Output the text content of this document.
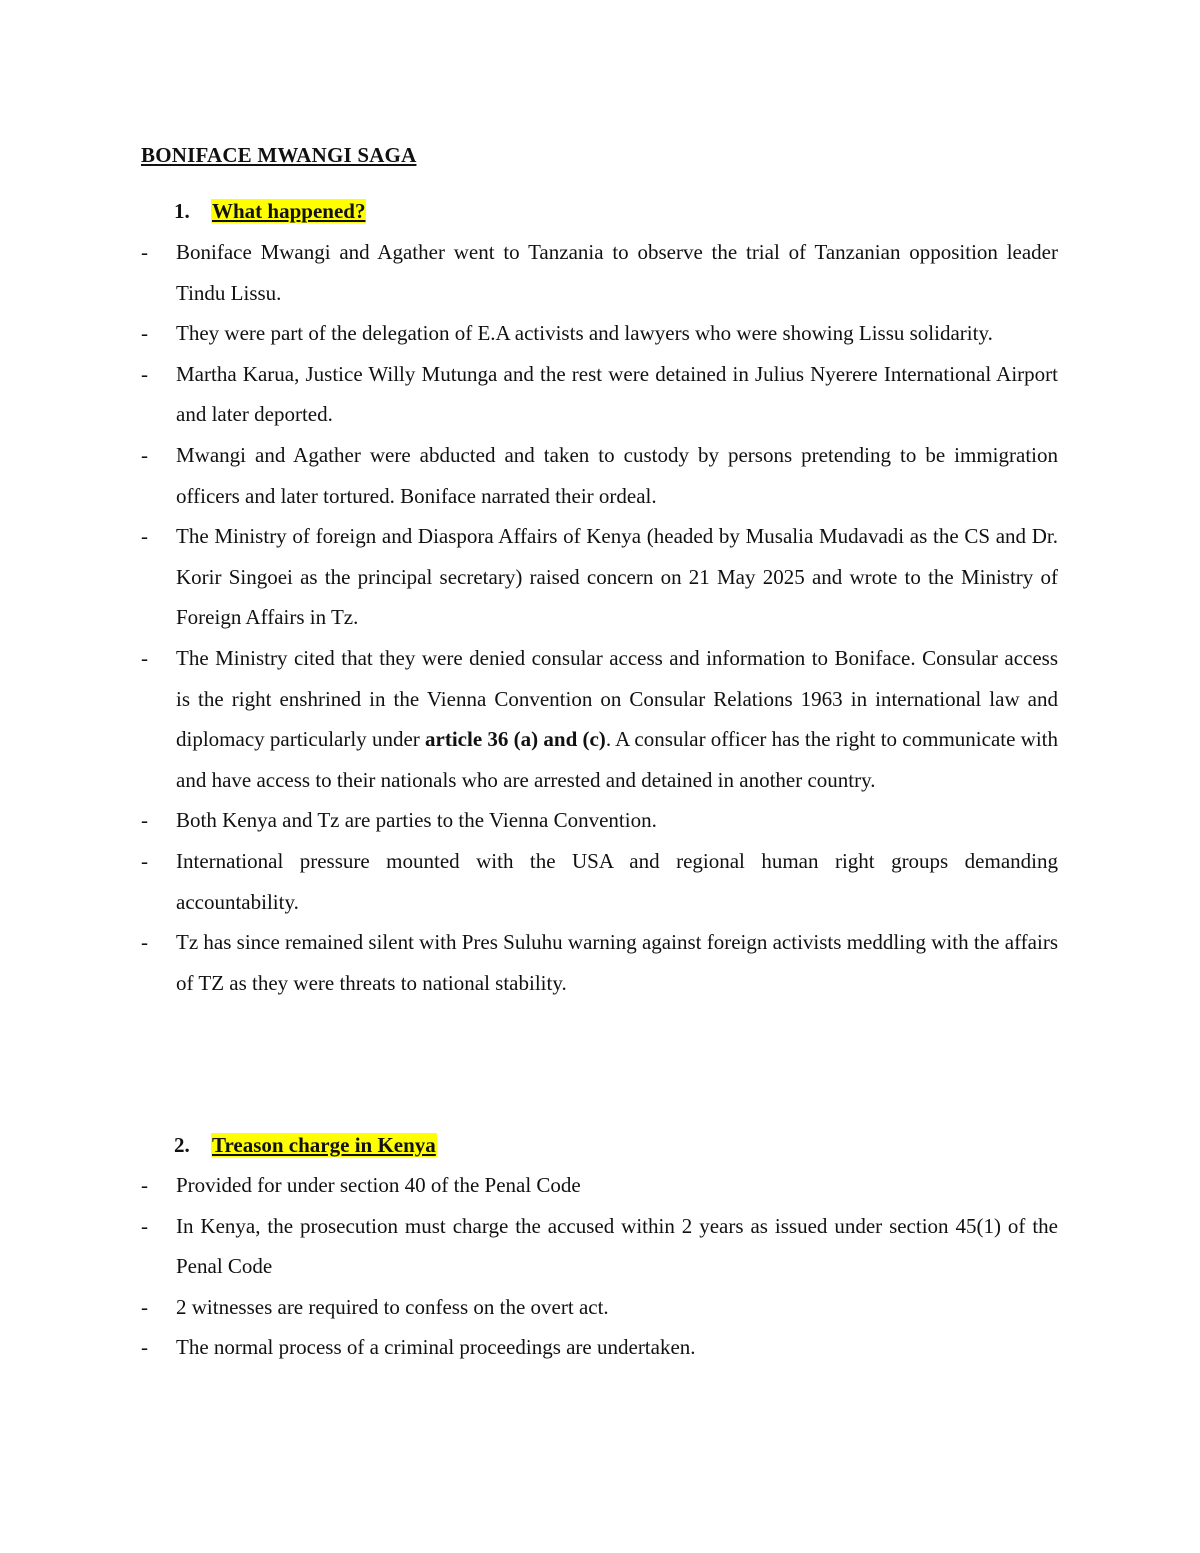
BONIFACE MWANGI SAGA
1. What happened?
- Boniface Mwangi and Agather went to Tanzania to observe the trial of Tanzanian opposition leader Tindu Lissu.
- They were part of the delegation of E.A activists and lawyers who were showing Lissu solidarity.
- Martha Karua, Justice Willy Mutunga and the rest were detained in Julius Nyerere International Airport and later deported.
- Mwangi and Agather were abducted and taken to custody by persons pretending to be immigration officers and later tortured. Boniface narrated their ordeal.
- The Ministry of foreign and Diaspora Affairs of Kenya (headed by Musalia Mudavadi as the CS and Dr. Korir Singoei as the principal secretary) raised concern on 21 May 2025 and wrote to the Ministry of Foreign Affairs in Tz.
- The Ministry cited that they were denied consular access and information to Boniface. Consular access is the right enshrined in the Vienna Convention on Consular Relations 1963 in international law and diplomacy particularly under article 36 (a) and (c). A consular officer has the right to communicate with and have access to their nationals who are arrested and detained in another country.
- Both Kenya and Tz are parties to the Vienna Convention.
- International pressure mounted with the USA and regional human right groups demanding accountability.
- Tz has since remained silent with Pres Suluhu warning against foreign activists meddling with the affairs of TZ as they were threats to national stability.
2. Treason charge in Kenya
- Provided for under section 40 of the Penal Code
- In Kenya, the prosecution must charge the accused within 2 years as issued under section 45(1) of the Penal Code
- 2 witnesses are required to confess on the overt act.
- The normal process of a criminal proceedings are undertaken.
